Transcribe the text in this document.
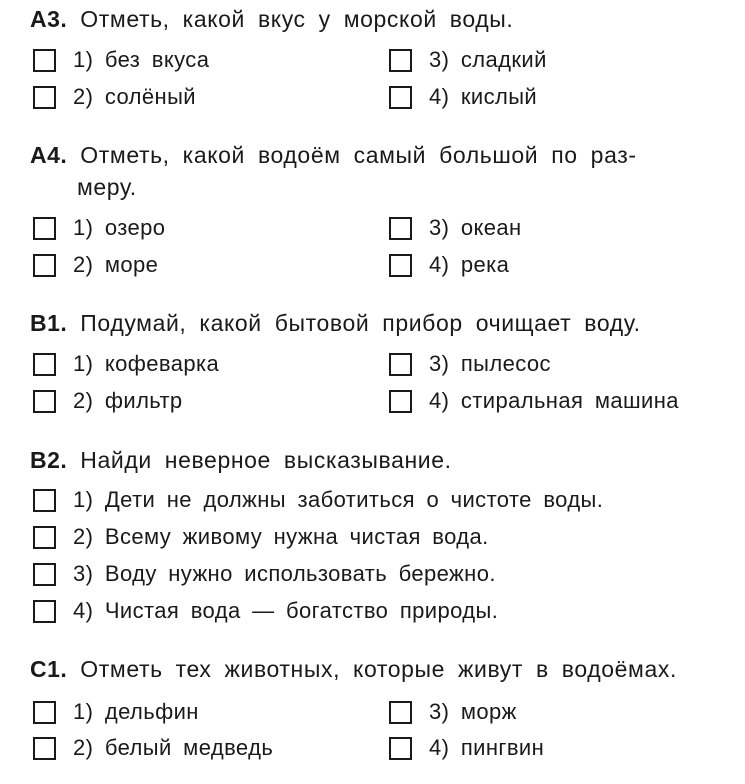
А3. Отметь, какой вкус у морской воды.
1) без вкуса
2) солёный
3) сладкий
4) кислый
А4. Отметь, какой водоём самый большой по раз-
меру.
1) озеро
2) море
3) океан
4) река
В1. Подумай, какой бытовой прибор очищает воду.
1) кофеварка
2) фильтр
3) пылесос
4) стиральная машина
В2. Найди неверное высказывание.
1) Дети не должны заботиться о чистоте воды.
2) Всему живому нужна чистая вода.
3) Воду нужно использовать бережно.
4) Чистая вода — богатство природы.
С1. Отметь тех животных, которые живут в водоёмах.
1) дельфин
2) белый медведь
3) морж
4) пингвин
